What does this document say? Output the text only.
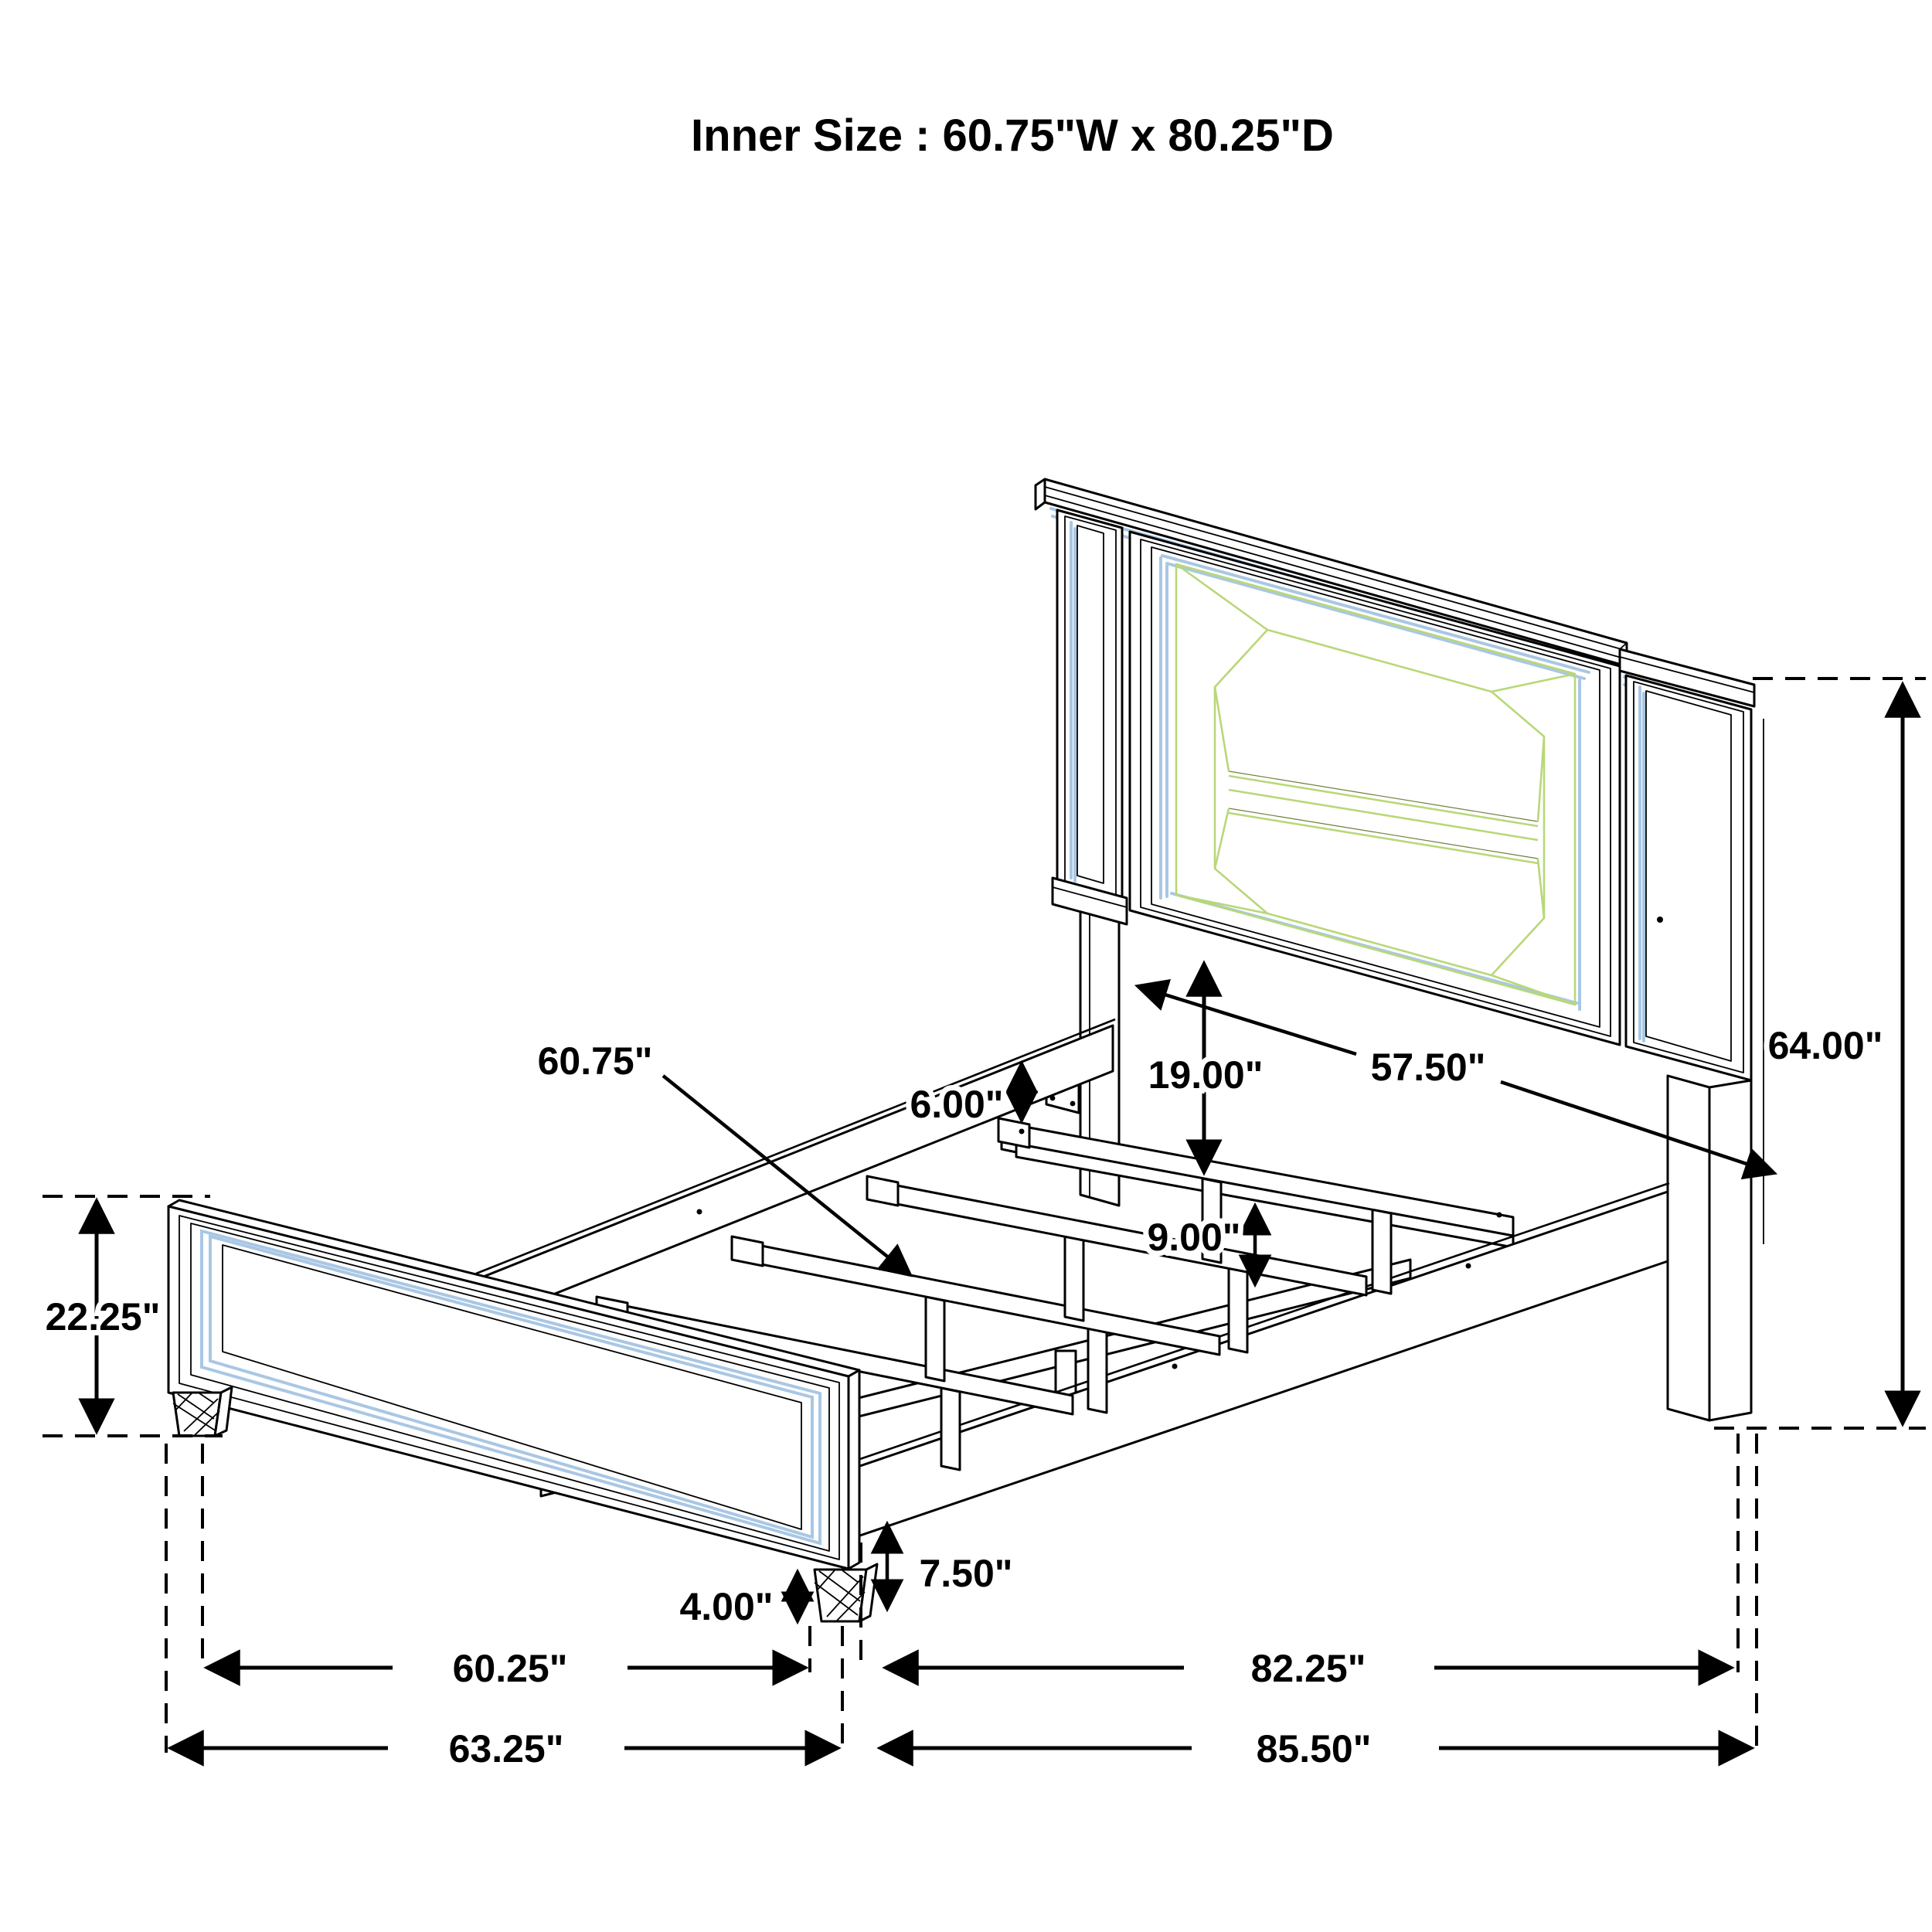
22.25"
60.75"
6.00"
19.00"	57.50"
9.00"
64.00"
7.50"
4.00"
60.25"	82.25"
63.25"	85.50"
Inner Size : 60.75"W x 80.25"D
